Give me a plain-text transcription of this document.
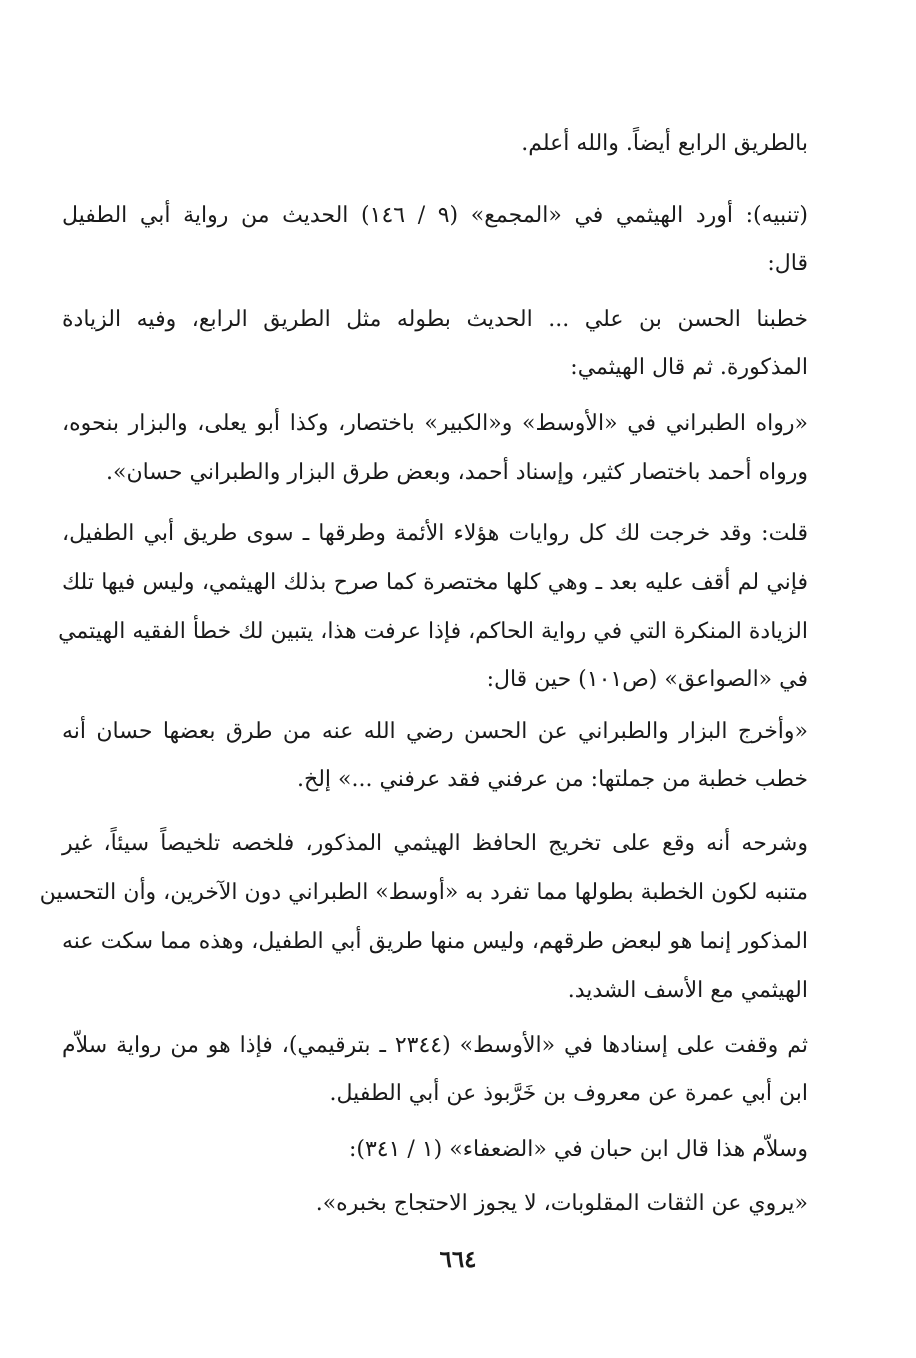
بالطريق الرابع أيضاً. والله أعلم.
(تنبيه): أورد الهيثمي في «المجمع» (٩ / ١٤٦) الحديث من رواية أبي الطفيل
قال:
خطبنا الحسن بن علي ... الحديث بطوله مثل الطريق الرابع، وفيه الزيادة
المذكورة. ثم قال الهيثمي:
«رواه الطبراني في «الأوسط» و«الكبير» باختصار، وكذا أبو يعلى، والبزار بنحوه،
ورواه أحمد باختصار كثير، وإسناد أحمد، وبعض طرق البزار والطبراني حسان».
قلت: وقد خرجت لك كل روايات هؤلاء الأئمة وطرقها ـ سوى طريق أبي الطفيل،
فإني لم أقف عليه بعد ـ وهي كلها مختصرة كما صرح بذلك الهيثمي، وليس فيها تلك
الزيادة المنكرة التي في رواية الحاكم، فإذا عرفت هذا، يتبين لك خطأ الفقيه الهيتمي
في «الصواعق» (ص١٠١) حين قال:
«وأخرج البزار والطبراني عن الحسن رضي الله عنه من طرق بعضها حسان أنه
خطب خطبة من جملتها: من عرفني فقد عرفني ...» إلخ.
وشرحه أنه وقع على تخريج الحافظ الهيثمي المذكور، فلخصه تلخيصاً سيئاً، غير
متنبه لكون الخطبة بطولها مما تفرد به «أوسط» الطبراني دون الآخرين، وأن التحسين
المذكور إنما هو لبعض طرقهم، وليس منها طريق أبي الطفيل، وهذه مما سكت عنه
الهيثمي مع الأسف الشديد.
ثم وقفت على إسنادها في «الأوسط» (٢٣٤٤ ـ بترقيمي)، فإذا هو من رواية سلاّم
ابن أبي عمرة عن معروف بن خَرَّبوذ عن أبي الطفيل.
وسلاّم هذا قال ابن حبان في «الضعفاء» (١ / ٣٤١):
«يروي عن الثقات المقلوبات، لا يجوز الاحتجاج بخبره».
٦٦٤
